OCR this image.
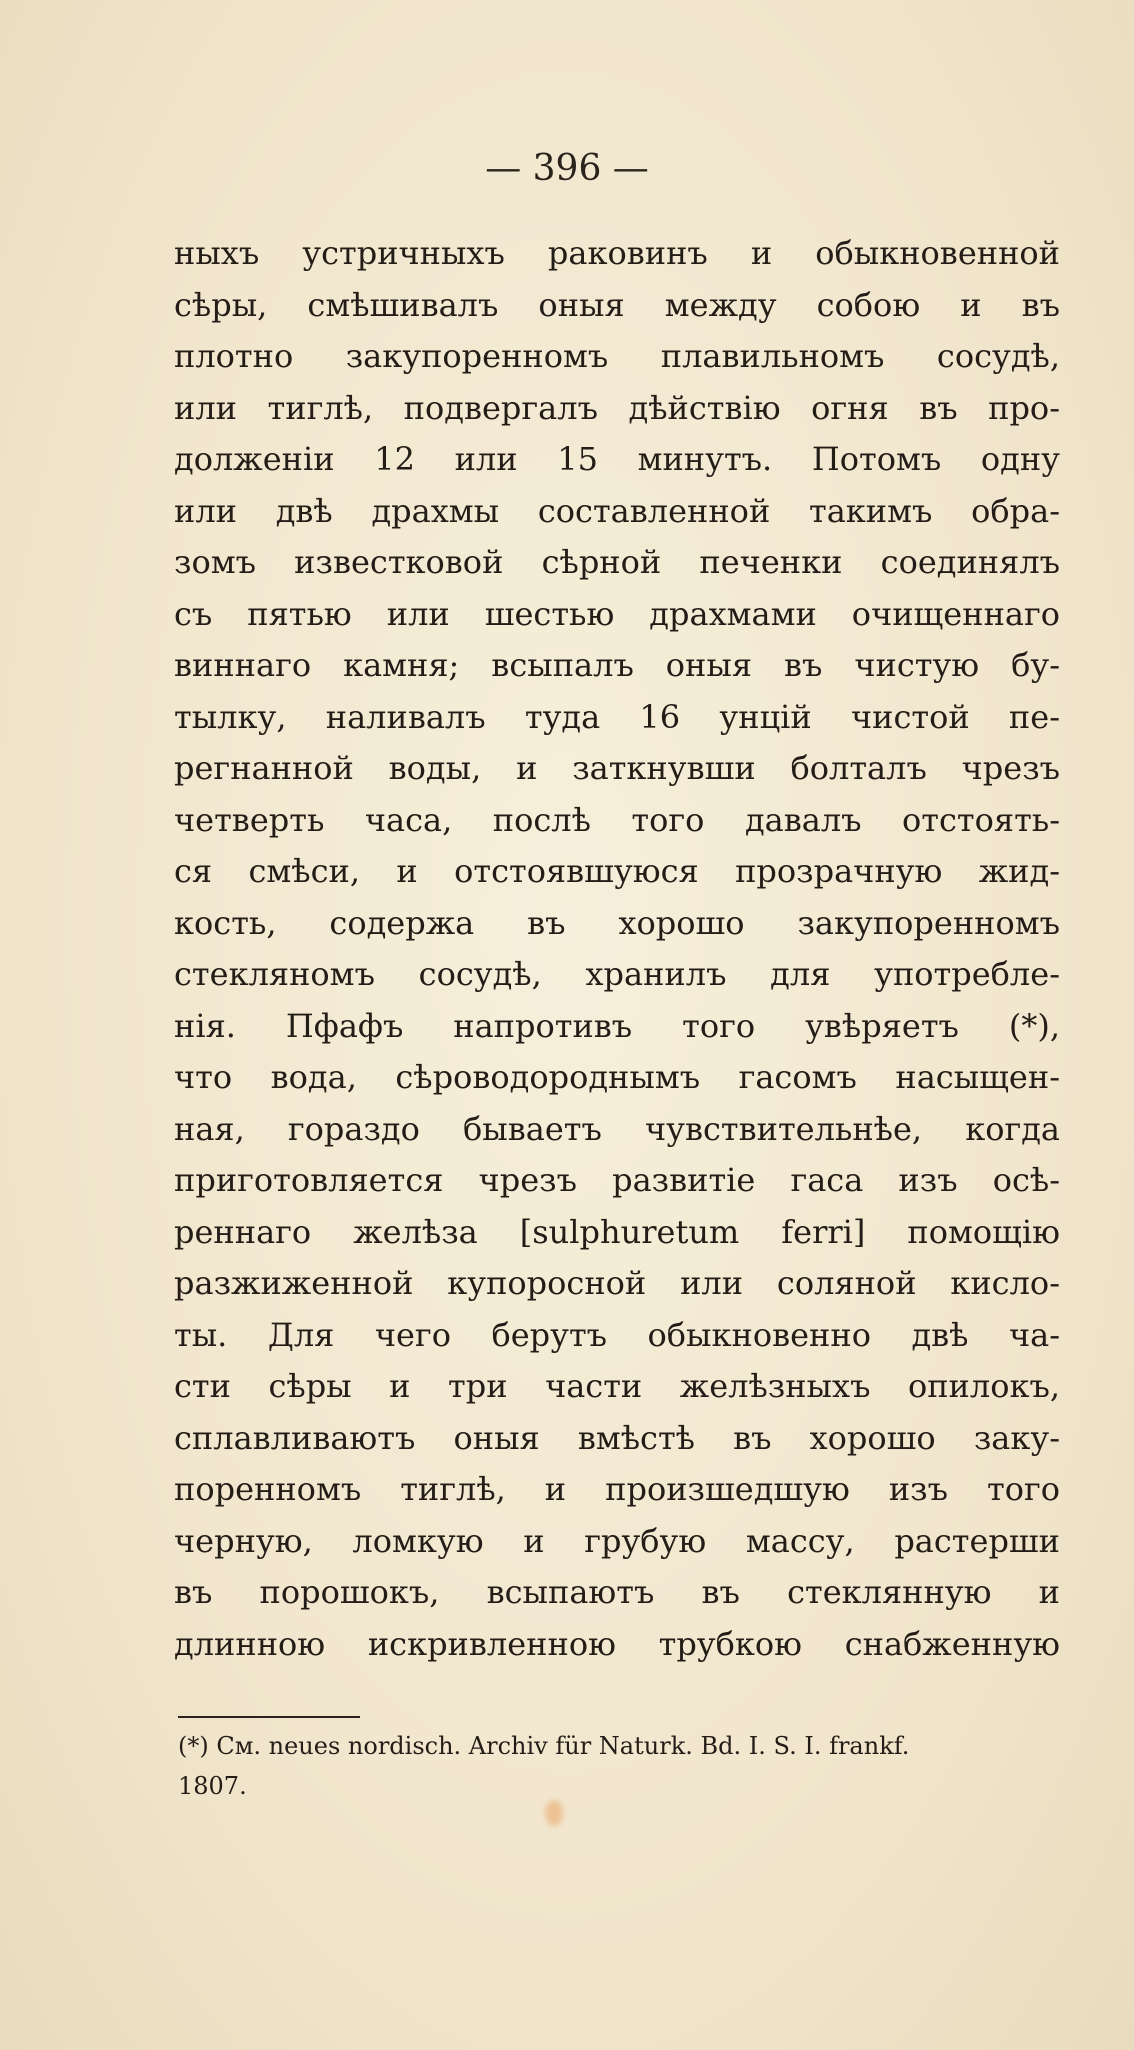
— 396 —
ныхъ устричныхъ раковинъ и обыкновенной
сѣры, смѣшивалъ оныя между собою и въ
плотно закупоренномъ плавильномъ сосудѣ,
или тиглѣ, подвергалъ дѣйствiю огня въ про-
долженiи 12 или 15 минутъ. Потомъ одну
или двѣ драхмы составленной такимъ обра-
зомъ известковой сѣрной печенки соединялъ
съ пятью или шестью драхмами очищеннаго
виннаго камня; всыпалъ оныя въ чистую бу-
тылку, наливалъ туда 16 унцiй чистой пе-
регнанной воды, и заткнувши болталъ чрезъ
четверть часа, послѣ того давалъ отстоять-
ся смѣси, и отстоявшуюся прозрачную жид-
кость, содержа въ хорошо закупоренномъ
стекляномъ сосудѣ, хранилъ для употребле-
нiя. Пфафъ напротивъ того увѣряетъ (*),
что вода, сѣроводороднымъ гасомъ насыщен-
ная, гораздо бываетъ чувствительнѣе, когда
приготовляется чрезъ развитiе гаса изъ осѣ-
реннаго желѣза [sulphuretum ferri] помощiю
разжиженной купоросной или соляной кисло-
ты. Для чего берутъ обыкновенно двѣ ча-
сти сѣры и три части желѣзныхъ опилокъ,
сплавливаютъ оныя вмѣстѣ въ хорошо заку-
поренномъ тиглѣ, и произшедшую изъ того
черную, ломкую и грубую массу, растерши
въ порошокъ, всыпаютъ въ стеклянную и
длинною искривленною трубкою снабженную
(*) См. neues nordisch. Archiv für Naturk. Bd. I. S. I. frankf.
1807.
